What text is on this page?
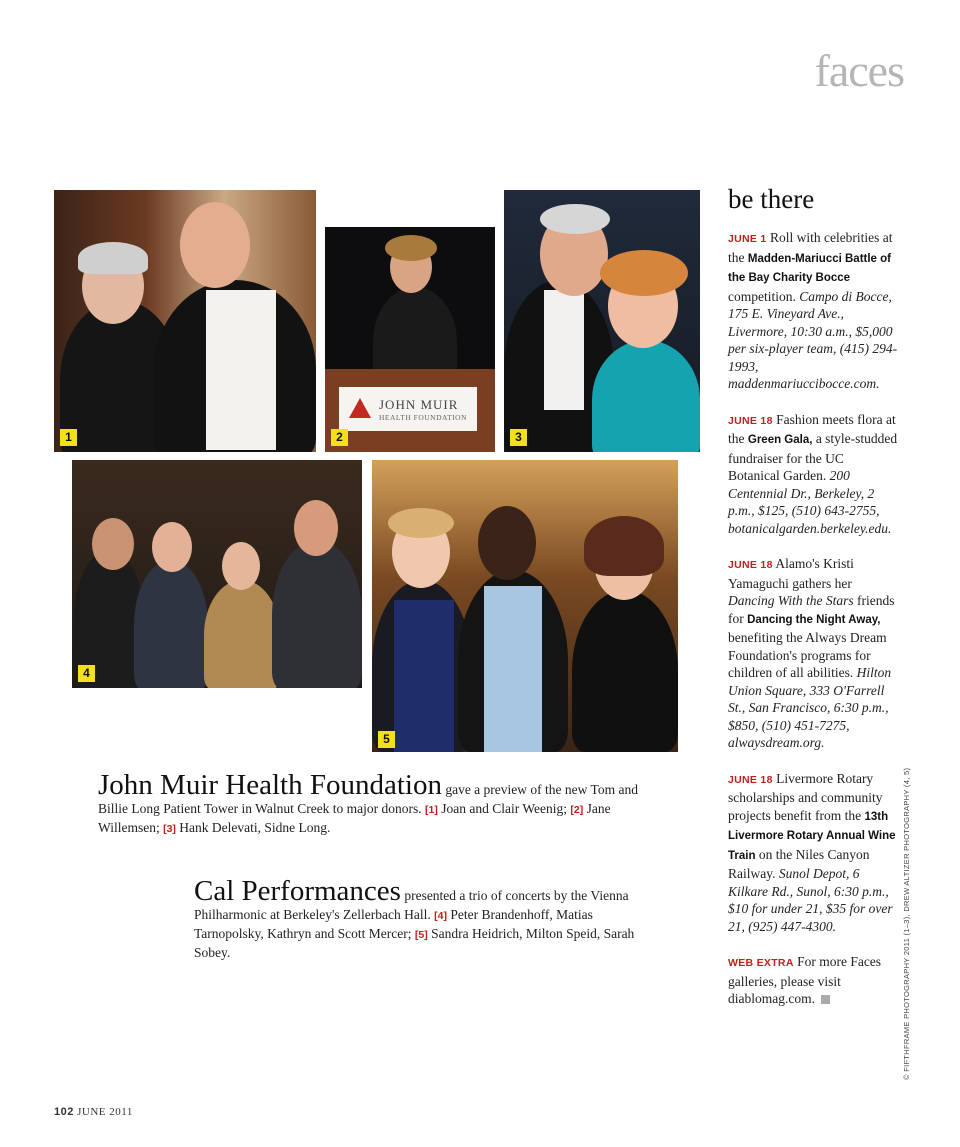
faces
1
JOHN MUIR
HEALTH FOUNDATION
2	3
4
5
John Muir Health Foundation gave a preview of the new Tom and Billie Long Patient Tower in Walnut Creek to major donors. [1] Joan and Clair Weenig; [2] Jane Willemsen; [3] Hank Delevati, Sidne Long.
Cal Performances presented a trio of concerts by the Vienna Philharmonic at Berkeley's Zellerbach Hall. [4] Peter Brandenhoff, Matias Tarnopolsky, Kathryn and Scott Mercer; [5] Sandra Heidrich, Milton Speid, Sarah Sobey.
be there
JUNE 1 Roll with celebrities at the Madden-Mariucci Battle of the Bay Charity Bocce competition. Campo di Bocce, 175 E. Vineyard Ave., Livermore, 10:30 a.m., $5,000 per six-player team, (415) 294-1993, maddenmariuccibocce.com.
JUNE 18 Fashion meets flora at the Green Gala, a style-studded fundraiser for the UC Botanical Garden. 200 Centennial Dr., Berkeley, 2 p.m., $125, (510) 643-2755, botanicalgarden.berkeley.edu.
JUNE 18 Alamo's Kristi Yamaguchi gathers her Dancing With the Stars friends for Dancing the Night Away, benefiting the Always Dream Foundation's programs for children of all abilities. Hilton Union Square, 333 O'Farrell St., San Francisco, 6:30 p.m., $850, (510) 451-7275, alwaysdream.org.
JUNE 18 Livermore Rotary scholarships and community projects benefit from the 13th Livermore Rotary Annual Wine Train on the Niles Canyon Railway. Sunol Depot, 6 Kilkare Rd., Sunol, 6:30 p.m., $10 for under 21, $35 for over 21, (925) 447-4300.
WEB EXTRA For more Faces galleries, please visit diablomag.com.	© FIFTHFRAME PHOTOGRAPHY 2011 (1–3), DREW ALTIZER PHOTOGRAPHY (4, 5)
102 JUNE 2011
